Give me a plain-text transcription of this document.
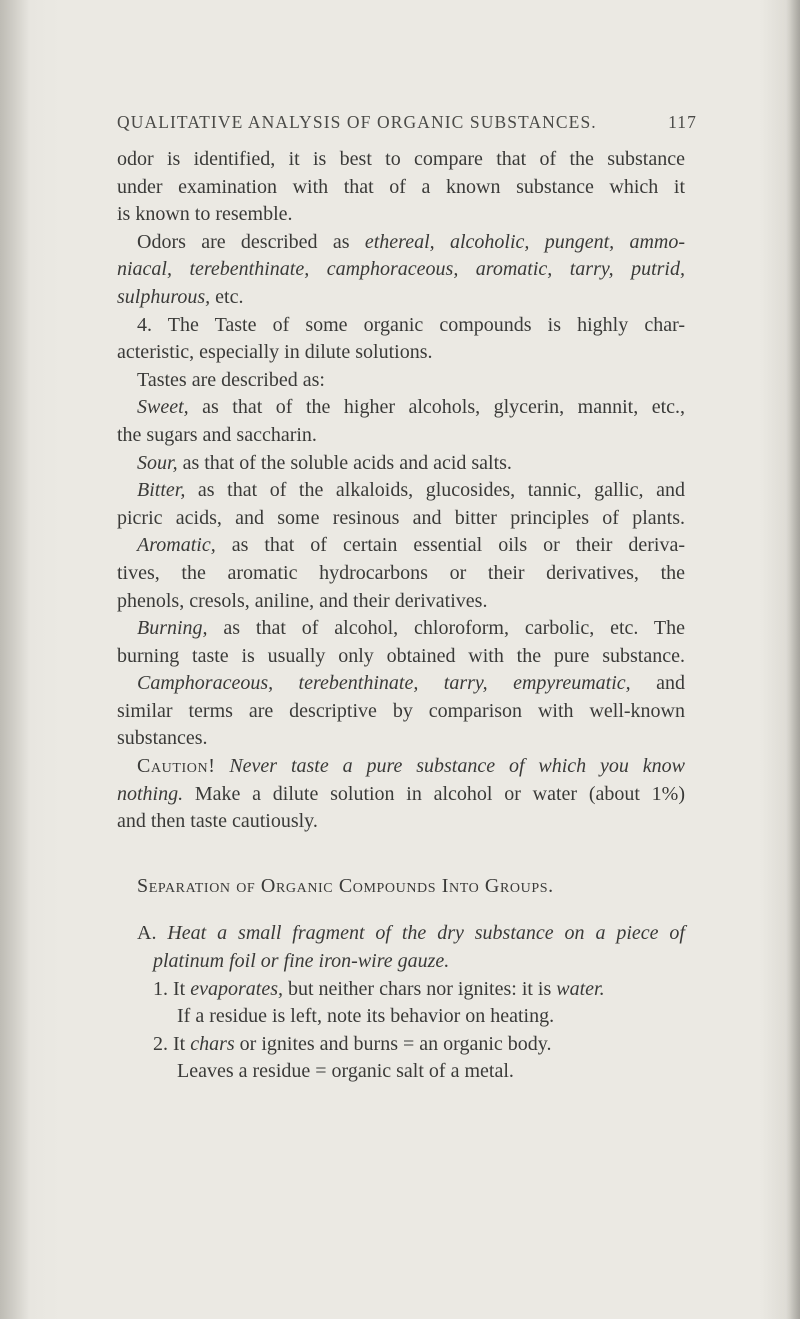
QUALITATIVE ANALYSIS OF ORGANIC SUBSTANCES.	117
odor is identified, it is best to compare that of the substance
under examination with that of a known substance which it
is known to resemble.
Odors are described as ethereal, alcoholic, pungent, ammo-
niacal, terebenthinate, camphoraceous, aromatic, tarry, putrid,
sulphurous, etc.
4. The Taste of some organic compounds is highly char-
acteristic, especially in dilute solutions.
Tastes are described as:
Sweet, as that of the higher alcohols, glycerin, mannit, etc.,
the sugars and saccharin.
Sour, as that of the soluble acids and acid salts.
Bitter, as that of the alkaloids, glucosides, tannic, gallic, and
picric acids, and some resinous and bitter principles of plants.
Aromatic, as that of certain essential oils or their deriva-
tives, the aromatic hydrocarbons or their derivatives, the
phenols, cresols, aniline, and their derivatives.
Burning, as that of alcohol, chloroform, carbolic, etc. The
burning taste is usually only obtained with the pure substance.
Camphoraceous, terebenthinate, tarry, empyreumatic, and
similar terms are descriptive by comparison with well-known
substances.
Caution! Never taste a pure substance of which you know
nothing. Make a dilute solution in alcohol or water (about 1%)
and then taste cautiously.
Separation of Organic Compounds Into Groups.
A. Heat a small fragment of the dry substance on a piece of
platinum foil or fine iron-wire gauze.
1. It evaporates, but neither chars nor ignites: it is water.
If a residue is left, note its behavior on heating.
2. It chars or ignites and burns = an organic body.
Leaves a residue = organic salt of a metal.
